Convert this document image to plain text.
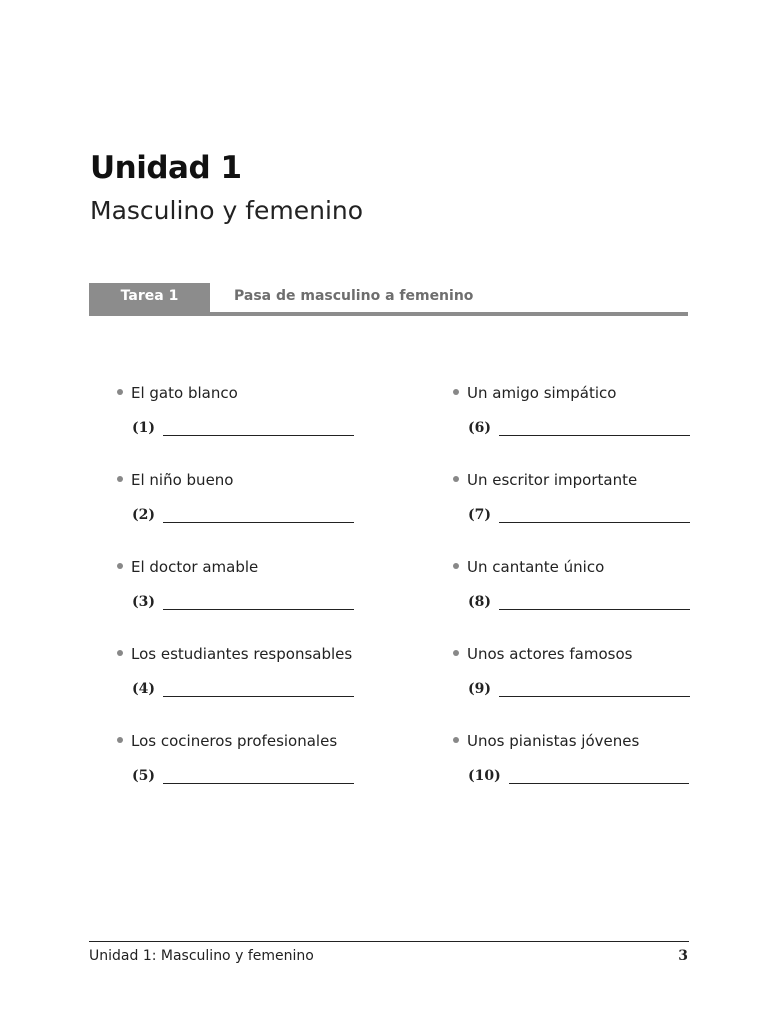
Unidad 1
Masculino y femenino
Tarea 1	Pasa de masculino a femenino
El gato blanco
(1)
El niño bueno
(2)
El doctor amable
(3)
Los estudiantes responsables
(4)
Los cocineros profesionales
(5)
Un amigo simpático
(6)
Un escritor importante
(7)
Un cantante único
(8)
Unos actores famosos
(9)
Unos pianistas jóvenes
(10)
Unidad 1: Masculino y femenino	3
